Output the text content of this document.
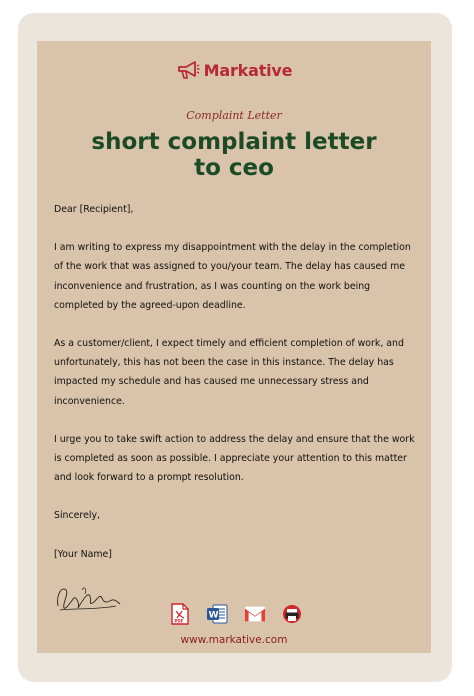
Markative
Complaint Letter
short complaint letter
to ceo

Dear [Recipient],

I am writing to express my disappointment with the delay in the completion of the work that was assigned to you/your team. The delay has caused me inconvenience and frustration, as I was counting on the work being completed by the agreed-upon deadline.

As a customer/client, I expect timely and efficient completion of work, and unfortunately, this has not been the case in this instance. The delay has impacted my schedule and has caused me unnecessary stress and inconvenience.

I urge you to take swift action to address the delay and ensure that the work is completed as soon as possible. I appreciate your attention to this matter and look forward to a prompt resolution.

Sincerely,

[Your Name]

PDF
W
www.markative.com
